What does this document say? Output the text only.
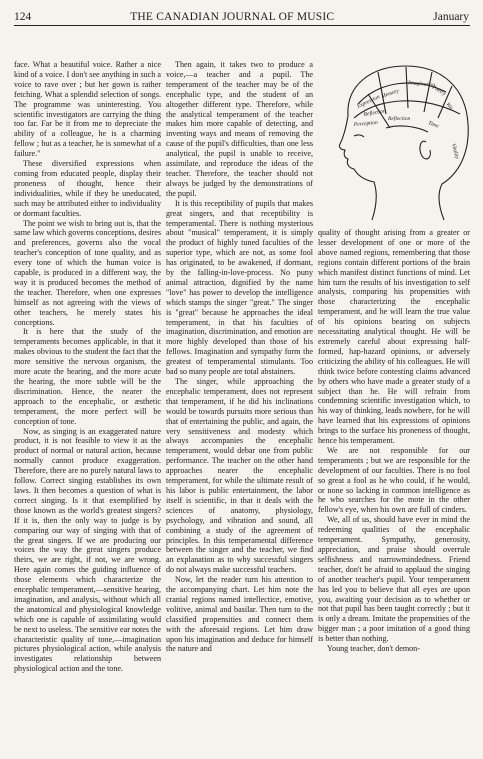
124	THE CANADIAN JOURNAL OF MUSIC	January

face. What a beautiful voice. Rather a nice kind of a voice. I don't see anything in such a voice to rave over ; but her gown is rather fetching. What a splendid selection of songs. The programme was uninteresting. You scientific investigators are carrying the thing too far. Far be it from me to depreciate the ability of a colleague, he is a charming fellow ; but as a teacher, he is somewhat of a failure."

These diversified expressions when coming from educated people, display their proneness of thought, hence their individualities, while if they be uneducated, such may be attributed either to individuality or dormant faculties.

The point we wish to bring out is, that the same law which governs conceptions, desires and preferences, governs also the vocal teacher's conception of tone quality, and as every tone of which the human voice is capable, is produced in a different way, the way it is produced becomes the method of the teacher. Therefore, when one expresses himself as not agreeing with the views of other teachers, he merely states his conceptions.

It is here that the study of the temperaments becomes applicable, in that it makes obvious to the student the fact that the more sensitive the nervous organism, the more acute the hearing, and the more acute the hearing, the more subtle will be the discrimination. Hence, the nearer the approach to the encephalic, or æsthetic temperament, the more perfect will be conception of tone.

Now, as singing is an exaggerated nature product, it is not feasible to view it as the product of normal or natural action, because normally cannot produce exaggeration. Therefore, there are no purely natural laws to follow. Correct singing establishes its own laws. It then becomes a question of what is correct singing. Is it that exemplified by those known as the world's greatest singers? If it is, then the only way to judge is by comparing our way of singing with that of the great singers. If we are producing our voices the way the great singers produce theirs, we are right, if not, we are wrong. Here again comes the guiding influence of those elements which characterize the encephalic temperament,—sensitive hearing, imagination, and analysis, without which all the anatomical and physiological knowledge which one is capable of assimilating would be next to useless. The sensitive ear notes the characteristic quality of tone,—imagination pictures physiological action, while analysis investigates relationship between physiological action and the tone.

Then again, it takes two to produce a voice,—a teacher and a pupil. The temperament of the teacher may be of the encephalic type, and the student of an altogether different type. Therefore, while the analytical temperament of the teacher makes him more capable of detecting, and inventing ways and means of removing the cause of the pupil's difficulties, than one less analytical, the pupil is unable to receive, assimilate, and reproduce the ideas of the teacher. Therefore, the teacher should not always be judged by the demonstrations of the pupil.

It is this receptibility of pupils that makes great singers, and that receptibility is temperamental. There is nothing mysterious about "musical" temperament, it is simply the product of highly tuned faculties of the superior type, which are not, as some fool has originated, to be awakened, if dormant, by the falling-in-love-process. No puny animal attraction, dignified by the name "love" has power to develop the intelligence which stamps the singer "great." The singer is "great" because he approaches the ideal temperament, in that his faculties of imagination, discrimination, and emotion are more highly developed than those of his fellows. Imagination and sympathy form the greatest of temperamental stimulants. Too bad so many people are total abstainers.

The singer, while approaching the encephalic temperament, does not represent that temperament, if he did his inclinations would be towards pursuits more serious than that of entertaining the public, and again, the very sensitiveness and modesty which always accompanies the encephalic temperament, would debar one from public performance. The teacher on the other hand approaches nearer the encephalic temperament, for while the ultimate result of his labor is public entertainment, the labor itself is scientific, in that it deals with the sciences of anatomy, physiology, psychology, and vibration and sound, all combining a study of the agreement of principles. In this temperamental difference between the singer and the teacher, we find an explanation as to why successful singers do not always make successful teachers.

Now, let the reader turn his attention to the accompanying chart. Let him note the cranial regions named intellectice, emotive, volitive, animal and basilar. Then turn to the classified propensities and connect them with the aforesaid regions. Let him draw upon his imagination and deduce for himself the nature and

Memory
Imagination
Poetry
Wit
Vitality
Reflection
Perception
Reflection
Expression
Time

quality of thought arising from a greater or lesser development of one or more of the above named regions, remembering that those regions contain different portions of the brain which manifest distinct functions of mind. Let him turn the results of his investigation to self analysis, comparing his propensities with those characterizing the encephalic temperament, and he will learn the true value of his opinions bearing on subjects necessitating analytical thought. He will be extremely careful about expressing half-formed, hap-hazard opinions, or adversely criticizing the ability of his colleagues. He will think twice before contesting claims advanced by others who have made a greater study of a subject than he. He will refrain from condemning scientific investigation which, to his way of thinking, leads nowhere, for he will have learned that his expressions of opinions brings to the surface his proneness of thought, hence his temperament.

We are not responsible for our temperaments ; but we are responsible for the development of our faculties. There is no fool so great a fool as he who could, if he would, or none so lacking in common intelligence as he who searches for the mote in the other fellow's eye, when his own are full of cinders.

We, all of us, should have ever in mind the redeeming qualities of the encephalic temperament. Sympathy, generosity, appreciation, and praise should overrule selfishness and narrowmindedness. Friend teacher, don't be afraid to applaud the singing of another teacher's pupil. Your temperament has led you to believe that all eyes are upon you, awaiting your decision as to whether or not that pupil has been taught correctly ; but it is only a dream. Imitate the propensities of the bigger man ; a poor imitation of a good thing is better than nothing.

Young teacher, don't demon-
